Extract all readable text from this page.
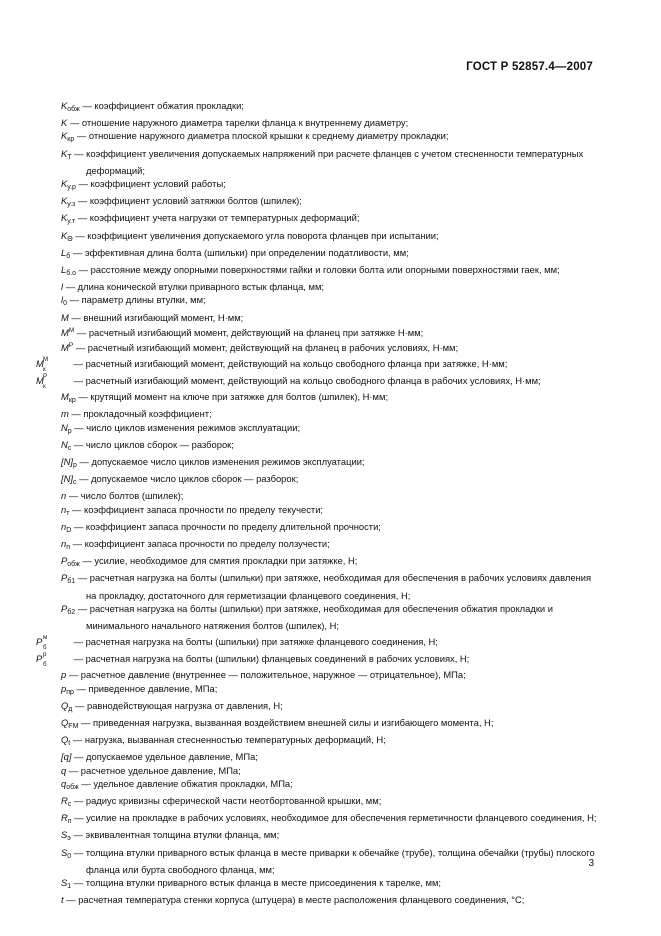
ГОСТ Р 52857.4—2007

$K_{обж}$ — коэффициент обжатия прокладки;

K — отношение наружного диаметра тарелки фланца к внутреннему диаметру;

$K_{кр}$ — отношение наружного диаметра плоской крышки к среднему диаметру прокладки;

$K_T$ — коэффициент увеличения допускаемых напряжений при расчете фланцев с учетом стесненности температурных деформаций;

$K_{у.р}$ — коэффициент условий работы;

$K_{у.з}$ — коэффициент условий затяжки болтов (шпилек);

$K_{у.т}$ — коэффициент учета нагрузки от температурных деформаций;

$K_\Theta$ — коэффициент увеличения допускаемого угла поворота фланцев при испытании;

$L_б$ — эффективная длина болта (шпильки) при определении податливости, мм;

$L_{б.о}$ — расстояние между опорными поверхностями гайки и головки болта или опорными поверхностями гаек, мм;

l — длина конической втулки приварного встык фланца, мм;

$l_0$ — параметр длины втулки, мм;

M — внешний изгибающий момент, Н·мм;

$M^М$ — расчетный изгибающий момент, действующий на фланец при затяжке Н·мм;

$M^Р$ — расчетный изгибающий момент, действующий на фланец в рабочих условиях, Н·мм;

M М
к
— расчетный изгибающий момент, действующий на кольцо свободного фланца при затяжке, Н·мм;

M Р
к
— расчетный изгибающий момент, действующий на кольцо свободного фланца в рабочих условиях, Н·мм;

$M_{кр}$ — крутящий момент на ключе при затяжке для болтов (шпилек), Н·мм;

m — прокладочный коэффициент;

$N_р$ — число циклов изменения режимов эксплуатации;

$N_с$ — число циклов сборок — разборок;

$[N]_р$ — допускаемое число циклов изменения режимов эксплуатации;

$[N]_с$ — допускаемое число циклов сборок — разборок;

n — число болтов (шпилек);

$n_т$ — коэффициент запаса прочности по пределу текучести;

$n_D$ — коэффициент запаса прочности по пределу длительной прочности;

$n_п$ — коэффициент запаса прочности по пределу ползучести;

$P_{обж}$ — усилие, необходимое для смятия прокладки при затяжке, Н;

$P_{б1}$ — расчетная нагрузка на болты (шпильки) при затяжке, необходимая для обеспечения в рабочих условиях давления на прокладку, достаточного для герметизации фланцевого соединения, Н;

$P_{б2}$ — расчетная нагрузка на болты (шпильки) при затяжке, необходимая для обеспечения обжатия прокладки и минимального начального натяжения болтов (шпилек), Н;

P м
б
— расчетная нагрузка на болты (шпильки) при затяжке фланцевого соединения, Н;

P р
б
— расчетная нагрузка на болты (шпильки) фланцевых соединений в рабочих условиях, Н;

p — расчетное давление (внутреннее — положительное, наружное — отрицательное), МПа;

$p_{пр}$ — приведенное давление, МПа;

$Q_д$ — равнодействующая нагрузка от давления, Н;

$Q_{FM}$ — приведенная нагрузка, вызванная воздействием внешней силы и изгибающего момента, Н;

$Q_t$ — нагрузка, вызванная стесненностью температурных деформаций, Н;

[q] — допускаемое удельное давление, МПа;

q — расчетное удельное давление, МПа;

$q_{обж}$ — удельное давление обжатия прокладки, МПа;

$R_с$ — радиус кривизны сферической части неотбортованной крышки, мм;

$R_п$ — усилие на прокладке в рабочих условиях, необходимое для обеспечения герметичности фланцевого соединения, Н;

$S_э$ — эквивалентная толщина втулки фланца, мм;

$S_0$ — толщина втулки приварного встык фланца в месте приварки к обечайке (трубе), толщина обечайки (трубы) плоского фланца или бурта свободного фланца, мм;

$S_1$ — толщина втулки приварного встык фланца в месте присоединения к тарелке, мм;

t — расчетная температура стенки корпуса (штуцера) в месте расположения фланцевого соединения, °С;

3
